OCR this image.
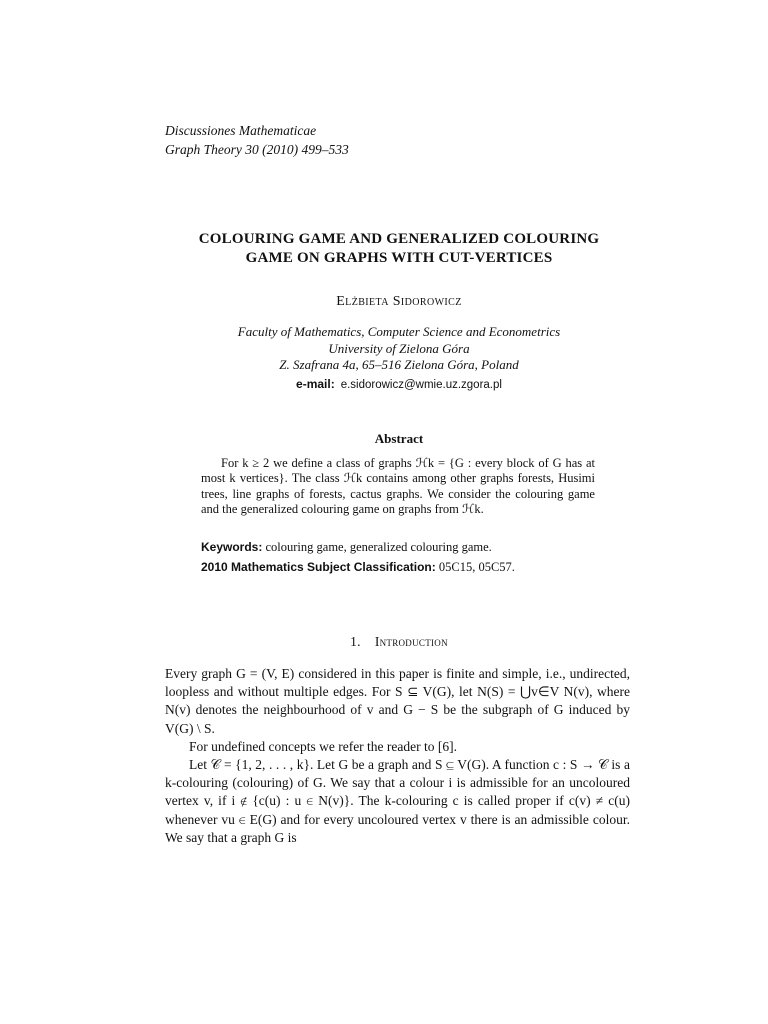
Discussiones Mathematicae
Graph Theory 30 (2010) 499–533
COLOURING GAME AND GENERALIZED COLOURING
GAME ON GRAPHS WITH CUT-VERTICES
Elżbieta Sidorowicz
Faculty of Mathematics, Computer Science and Econometrics
University of Zielona Góra
Z. Szafrana 4a, 65–516 Zielona Góra, Poland
e-mail: e.sidorowicz@wmie.uz.zgora.pl
Abstract

For k ≥ 2 we define a class of graphs ℋk = {G : every block of G has at most k vertices}. The class ℋk contains among other graphs forests, Husimi trees, line graphs of forests, cactus graphs. We consider the colouring game and the generalized colouring game on graphs from ℋk.

Keywords: colouring game, generalized colouring game.
2010 Mathematics Subject Classification: 05C15, 05C57.
1. Introduction

Every graph G = (V, E) considered in this paper is finite and simple, i.e., undirected, loopless and without multiple edges. For S ⊆ V(G), let N(S) = ⋃v∈V N(v), where N(v) denotes the neighbourhood of v and G − S be the subgraph of G induced by V(G) \ S.

For undefined concepts we refer the reader to [6].

Let 𝒞 = {1, 2, . . . , k}. Let G be a graph and S ⊆ V(G). A function c : S → 𝒞 is a k-colouring (colouring) of G. We say that a colour i is admissible for an uncoloured vertex v, if i ∉ {c(u) : u ∈ N(v)}. The k-colouring c is called proper if c(v) ≠ c(u) whenever vu ∈ E(G) and for every uncoloured vertex v there is an admissible colour. We say that a graph G is
